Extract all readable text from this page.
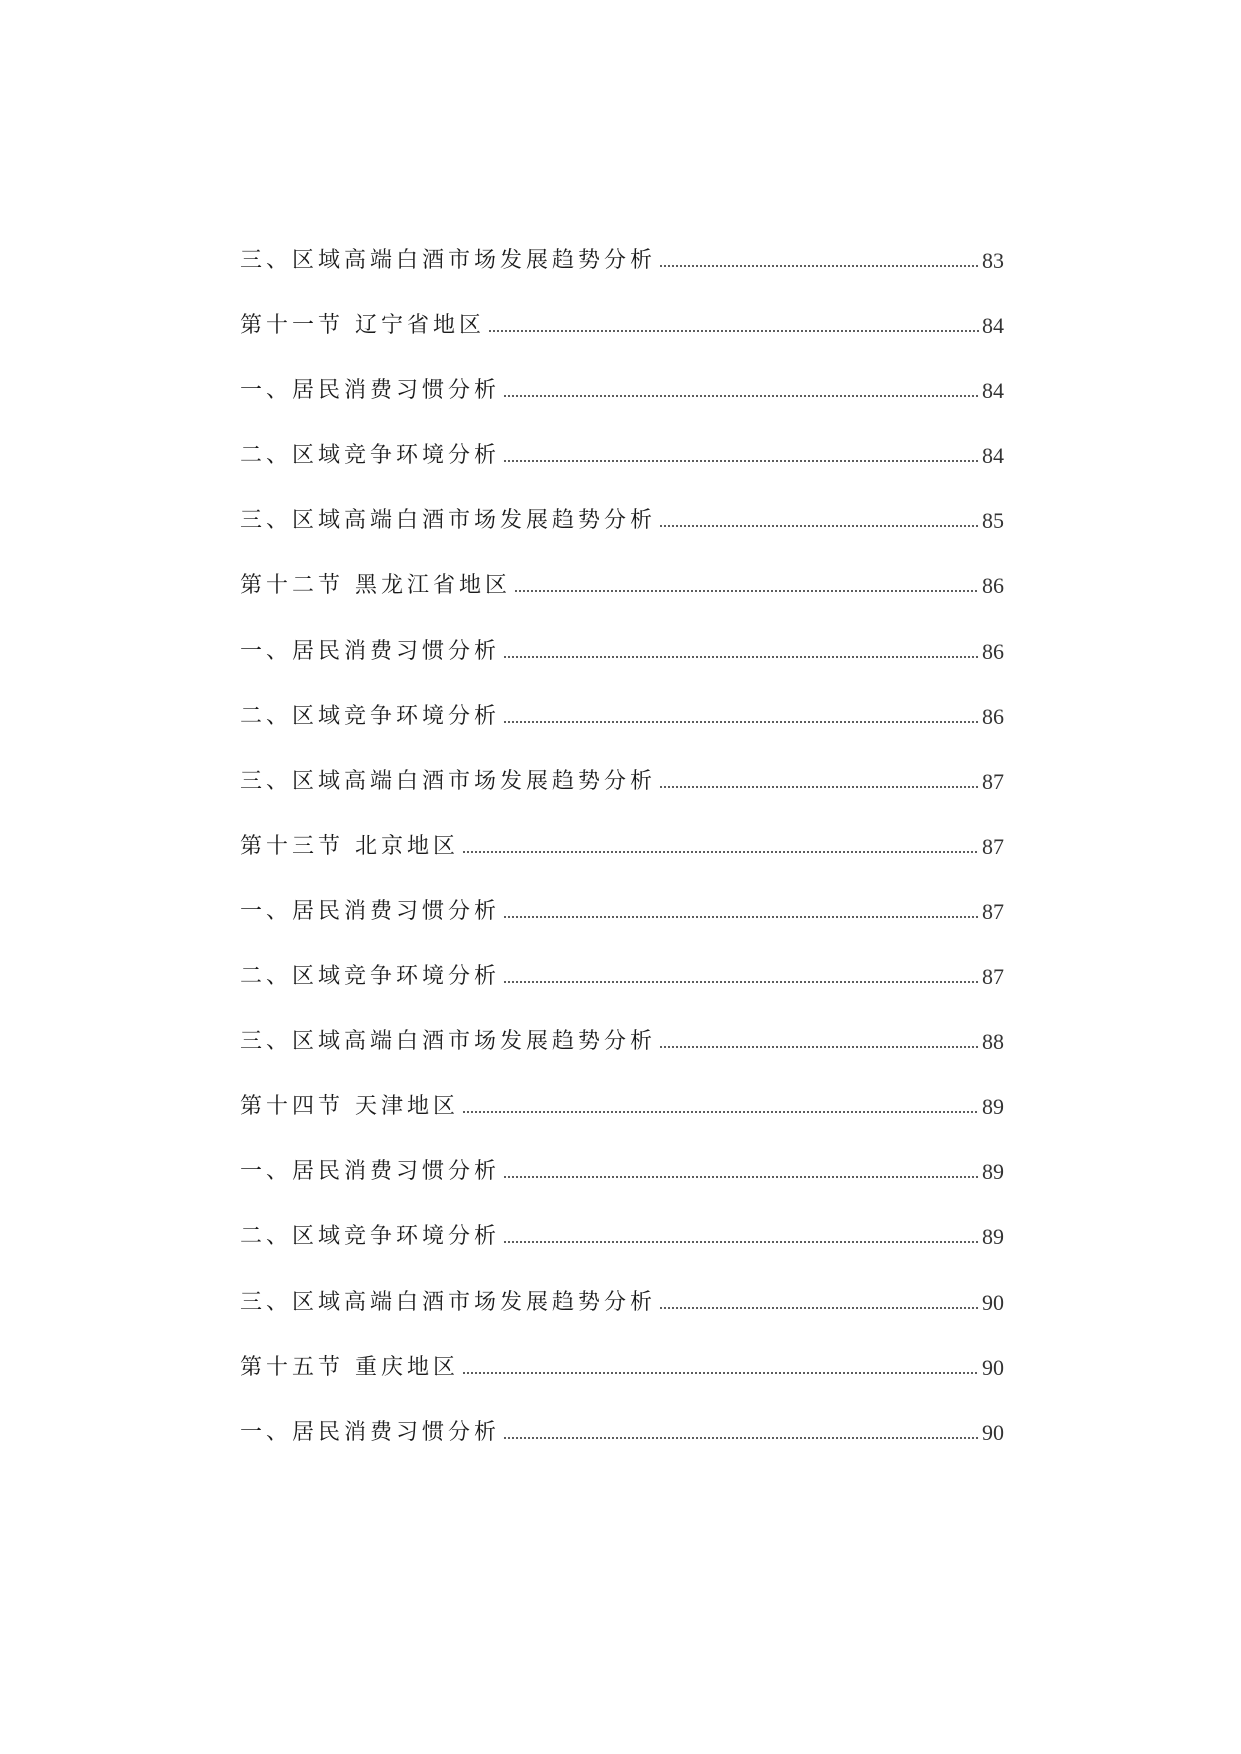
三、区域高端白酒市场发展趋势分析	83
第十一节 辽宁省地区	84
一、居民消费习惯分析	84
二、区域竞争环境分析	84
三、区域高端白酒市场发展趋势分析	85
第十二节 黑龙江省地区	86
一、居民消费习惯分析	86
二、区域竞争环境分析	86
三、区域高端白酒市场发展趋势分析	87
第十三节 北京地区	87
一、居民消费习惯分析	87
二、区域竞争环境分析	87
三、区域高端白酒市场发展趋势分析	88
第十四节 天津地区	89
一、居民消费习惯分析	89
二、区域竞争环境分析	89
三、区域高端白酒市场发展趋势分析	90
第十五节 重庆地区	90
一、居民消费习惯分析	90
